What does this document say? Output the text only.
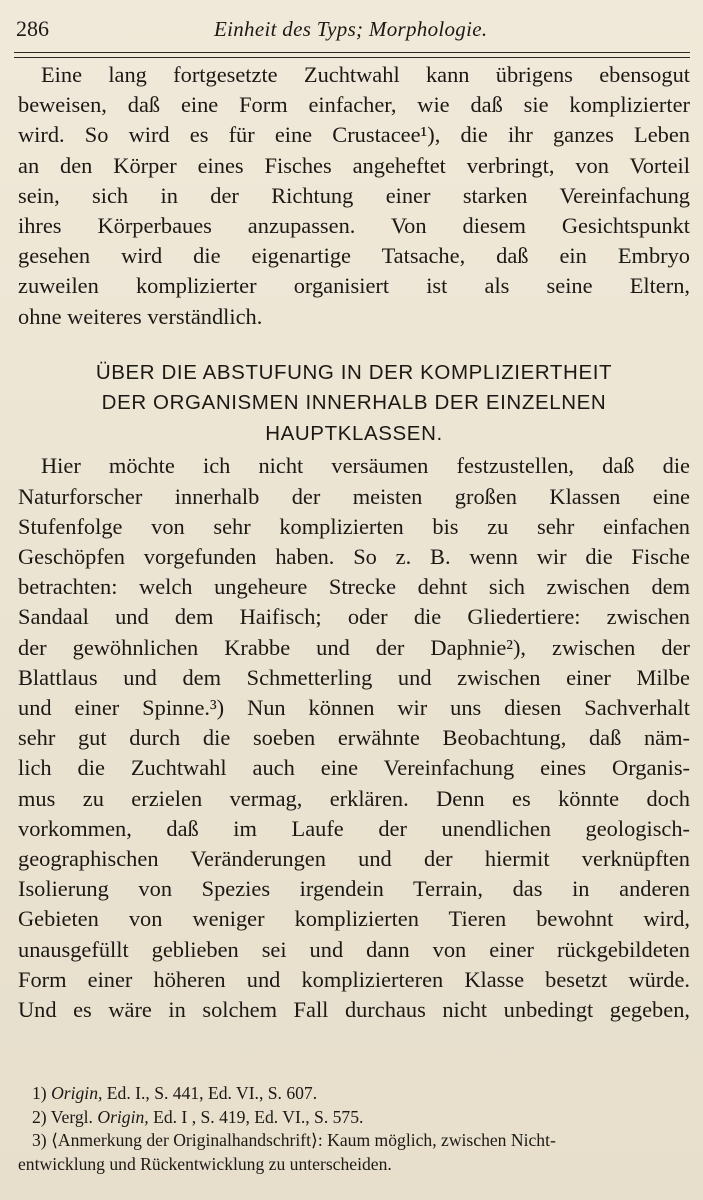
286	Einheit des Typs; Morphologie.

Eine lang fortgesetzte Zuchtwahl kann übrigens ebensogut
beweisen, daß eine Form einfacher, wie daß sie komplizierter
wird. So wird es für eine Crustacee¹), die ihr ganzes Leben
an den Körper eines Fisches angeheftet verbringt, von Vorteil
sein, sich in der Richtung einer starken Vereinfachung
ihres Körperbaues anzupassen. Von diesem Gesichtspunkt
gesehen wird die eigenartige Tatsache, daß ein Embryo
zuweilen komplizierter organisiert ist als seine Eltern,
ohne weiteres verständlich.

ÜBER DIE ABSTUFUNG IN DER KOMPLIZIERTHEIT
DER ORGANISMEN INNERHALB DER EINZELNEN
HAUPTKLASSEN.

Hier möchte ich nicht versäumen festzustellen, daß die
Naturforscher innerhalb der meisten großen Klassen eine
Stufenfolge von sehr komplizierten bis zu sehr einfachen
Geschöpfen vorgefunden haben. So z. B. wenn wir die Fische
betrachten: welch ungeheure Strecke dehnt sich zwischen dem
Sandaal und dem Haifisch; oder die Gliedertiere: zwischen
der gewöhnlichen Krabbe und der Daphnie²), zwischen der
Blattlaus und dem Schmetterling und zwischen einer Milbe
und einer Spinne.³) Nun können wir uns diesen Sachverhalt
sehr gut durch die soeben erwähnte Beobachtung, daß näm-
lich die Zuchtwahl auch eine Vereinfachung eines Organis-
mus zu erzielen vermag, erklären. Denn es könnte doch
vorkommen, daß im Laufe der unendlichen geologisch-
geographischen Veränderungen und der hiermit verknüpften
Isolierung von Spezies irgendein Terrain, das in anderen
Gebieten von weniger komplizierten Tieren bewohnt wird,
unausgefüllt geblieben sei und dann von einer rückgebildeten
Form einer höheren und komplizierteren Klasse besetzt würde.
Und es wäre in solchem Fall durchaus nicht unbedingt gegeben,

1) Origin, Ed. I., S. 441, Ed. VI., S. 607.
2) Vergl. Origin, Ed. I , S. 419, Ed. VI., S. 575.
3) ⟨Anmerkung der Originalhandschrift⟩: Kaum möglich, zwischen Nicht-
entwicklung und Rückentwicklung zu unterscheiden.
